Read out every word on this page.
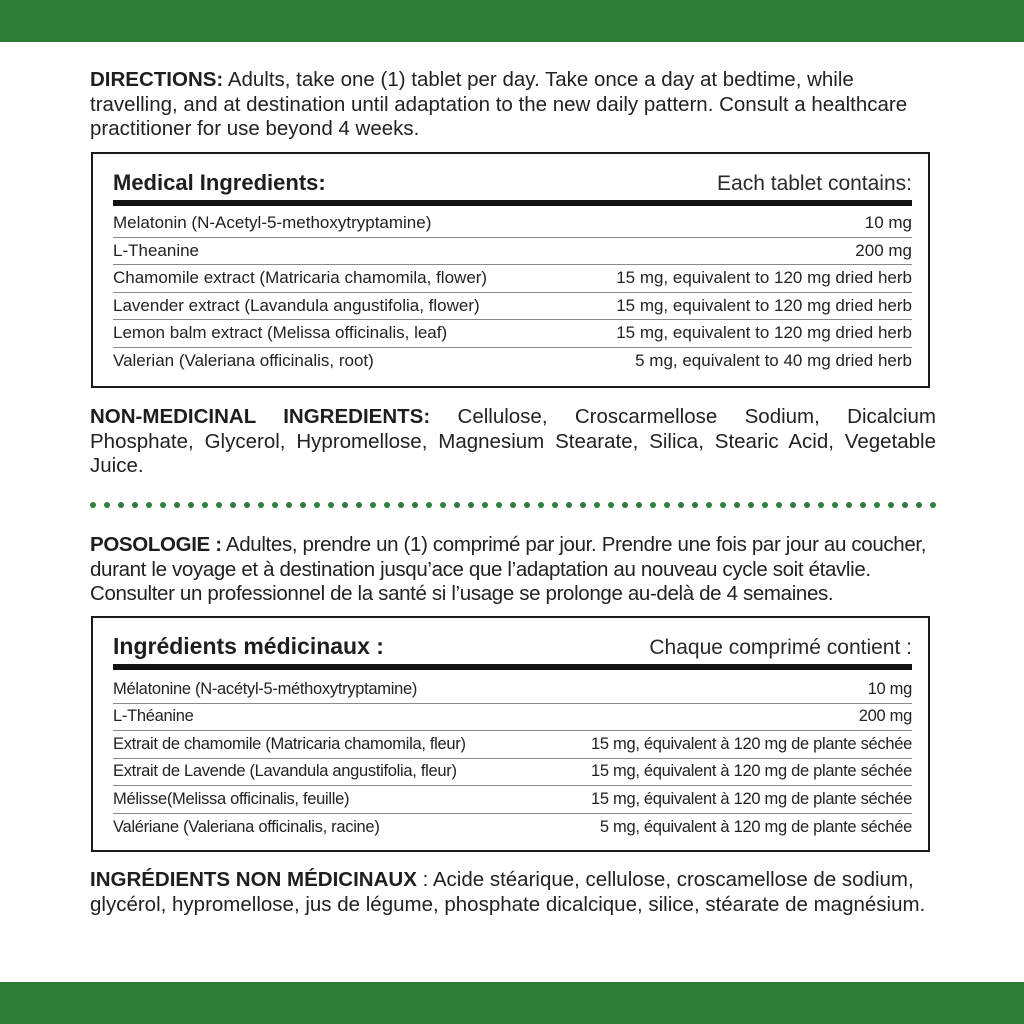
DIRECTIONS: Adults, take one (1) tablet per day. Take once a day at bedtime, while travelling, and at destination until adaptation to the new daily pattern. Consult a healthcare practitioner for use beyond 4 weeks.

Medical Ingredients:	Each tablet contains:
Melatonin (N-Acetyl-5-methoxytryptamine)	10 mg
L-Theanine	200 mg
Chamomile extract (Matricaria chamomila, flower)	15 mg, equivalent to 120 mg dried herb
Lavender extract (Lavandula angustifolia, flower)	15 mg, equivalent to 120 mg dried herb
Lemon balm extract (Melissa officinalis, leaf)	15 mg, equivalent to 120 mg dried herb
Valerian (Valeriana officinalis, root)	5 mg, equivalent to 40 mg dried herb

NON-MEDICINAL INGREDIENTS: Cellulose, Croscarmellose Sodium, Dicalcium Phosphate, Glycerol, Hypromellose, Magnesium Stearate, Silica, Stearic Acid, Vegetable Juice.

POSOLOGIE : Adultes, prendre un (1) comprimé par jour. Prendre une fois par jour au coucher, durant le voyage et à destination jusqu’ace que l’adaptation au nouveau cycle soit étavlie. Consulter un professionnel de la santé si l’usage se prolonge au-delà de 4 semaines.

Ingrédients médicinaux :	Chaque comprimé contient :
Mélatonine (N-acétyl-5-méthoxytryptamine)	10 mg
L-Théanine	200 mg
Extrait de chamomile (Matricaria chamomila, fleur)	15 mg, équivalent à 120 mg de plante séchée
Extrait de Lavende (Lavandula angustifolia, fleur)	15 mg, équivalent à 120 mg de plante séchée
Mélisse(Melissa officinalis, feuille)	15 mg, équivalent à 120 mg de plante séchée
Valériane (Valeriana officinalis, racine)	5 mg, équivalent à 120 mg de plante séchée

INGRÉDIENTS NON MÉDICINAUX : Acide stéarique, cellulose, croscamellose de sodium, glycérol, hypromellose, jus de légume, phosphate dicalcique, silice, stéarate de magnésium.
